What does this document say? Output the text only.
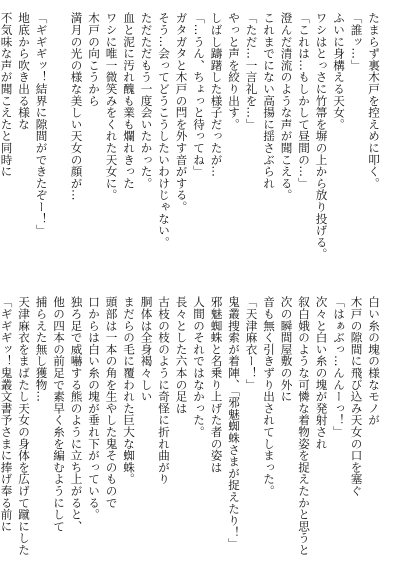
たまらず裏木戸を控えめに叩く。
「誰ッ…」
ふいに身構える天女。
ワシはとっさに竹箒を塀の上から放り投げる。
「これは…もしかして昼間の…」
澄んだ清流のような声が聞こえる。
これまでにない高揚に揺さぶられ
「ただ…一言礼を…」
やっと声を絞り出す。
しばし躊躇した様子だったが…
「…うん、ちょっと待ってね」
ガタガタと木戸の閂を外す音がする。
そう…会ってどうこうしたいわけじゃない。
ただただもう一度会いたかった。
血と泥に汚れ醜も業も爛れきった
ワシに唯一微笑みをくれた天女に。
木戸の向こうから
満月の光の様な美しい天女の顔が…

「ギギギッ！結界に隙間ができたぞー！」
地底から吹き出る様な
不気味な声が聞こえたと同時に
白い糸の塊の様なモノが
木戸の隙間に飛び込み天女の口を塞ぐ
「はぁぶっ…んんーっ！」
次々と白い糸の塊が発射され
叙白娥のような可憐な着物姿を捉えたかと思うと
次の瞬間屋敷の外に
音も無く引きずり出されてしまった。
「天津麻衣ー！」
鬼叢捜索が着陣、「邪魅蜘蛛さまが捉えたり！」
邪魅蜘蛛と名乗り上げた者の姿は
人間のそれではなかった。
長々とした六本の足は
古枝の枝のように奇怪に折れ曲がり
胴体は全身褐々しい
まだらの毛に覆われた巨大な蜘蛛。
頭部は一本の角を生やした鬼そのもので
口からは白い糸の塊が垂れ下がっている。
独ろ足で威嚇する熊のように立ち上がると、
他の四本の前足で素早く糸を編むようにして
捕らえた無し獲物…
天津麻衣をまばたし天女の身体を広げて蹴にした
「ギギギッ！鬼叢文書予さまに捧げ奉る前に
